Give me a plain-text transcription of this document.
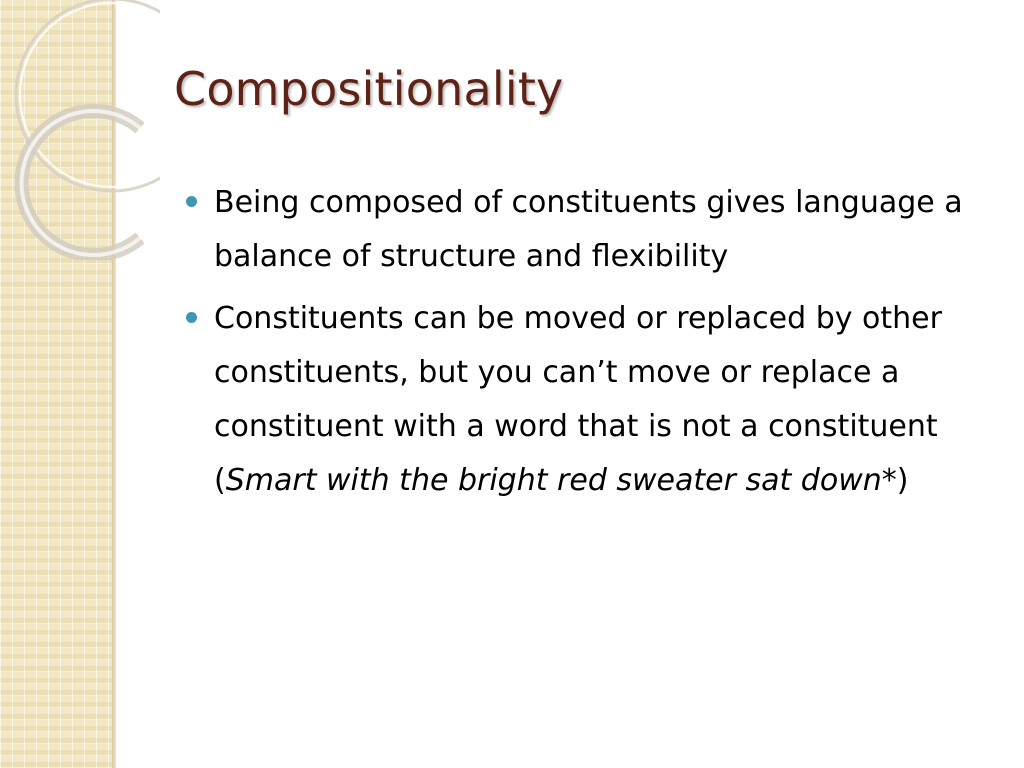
Compositionality
Being composed of constituents gives language a balance of structure and flexibility
Constituents can be moved or replaced by other constituents, but you can’t move or replace a constituent with a word that is not a constituent (Smart with the bright red sweater sat down*)
